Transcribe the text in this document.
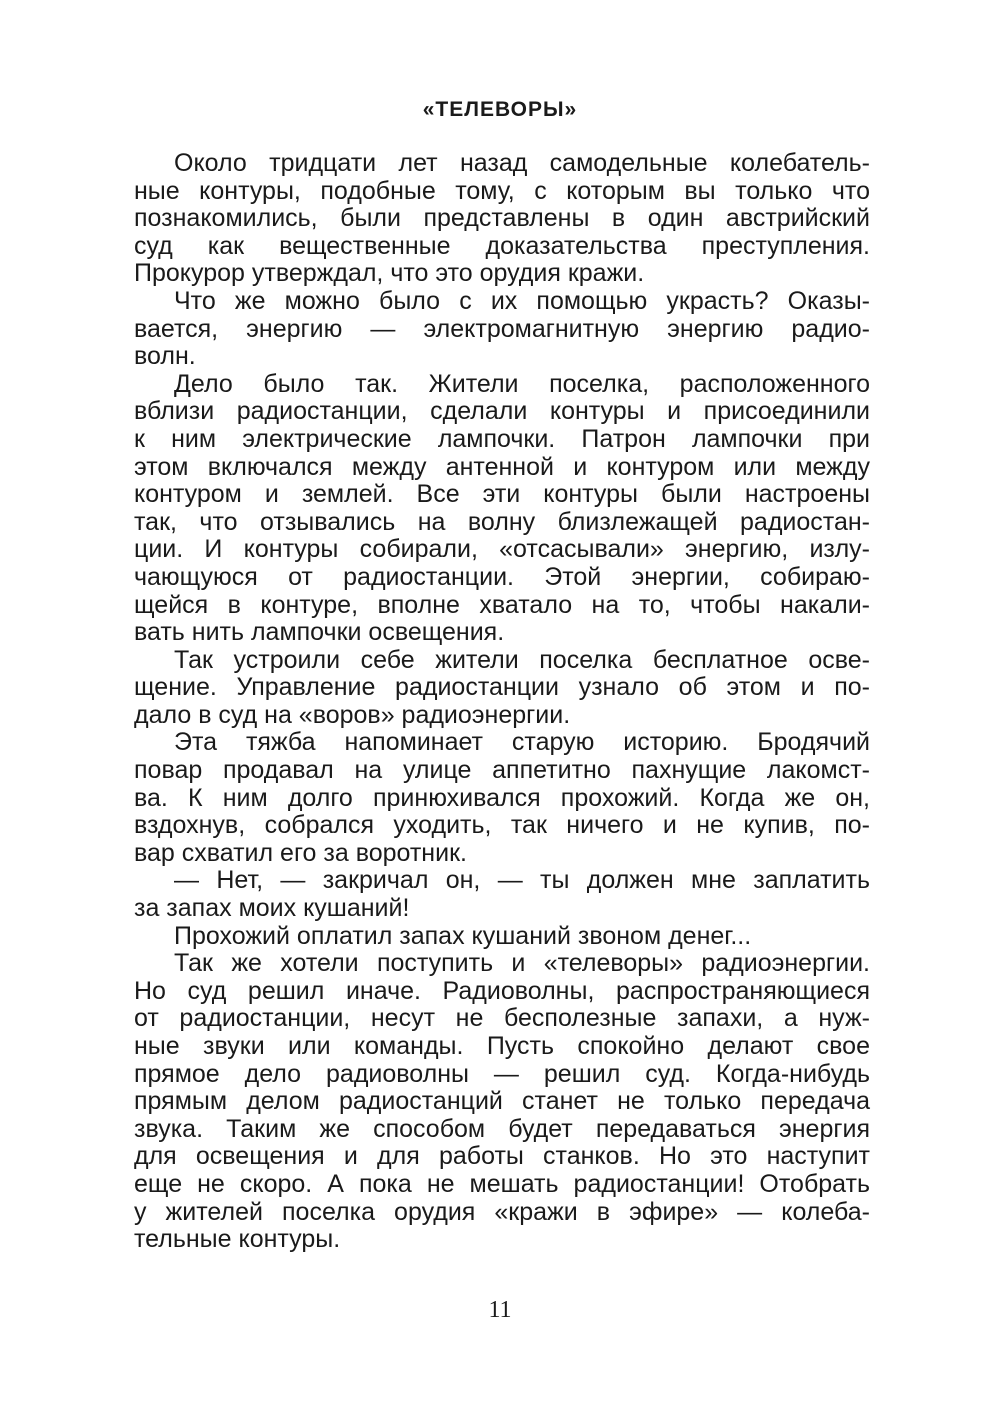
«ТЕЛЕВОРЫ»
Около тридцати лет назад самодельные колебатель-
ные контуры, подобные тому, с которым вы только что
познакомились, были представлены в один австрийский
суд как вещественные доказательства преступления.
Прокурор утверждал, что это орудия кражи.
Что же можно было с их помощью украсть? Оказы-
вается, энергию — электромагнитную энергию радио-
волн.
Дело было так. Жители поселка, расположенного
вблизи радиостанции, сделали контуры и присоединили
к ним электрические лампочки. Патрон лампочки при
этом включался между антенной и контуром или между
контуром и землей. Все эти контуры были настроены
так, что отзывались на волну близлежащей радиостан-
ции. И контуры собирали, «отсасывали» энергию, излу-
чающуюся от радиостанции. Этой энергии, собираю-
щейся в контуре, вполне хватало на то, чтобы накали-
вать нить лампочки освещения.
Так устроили себе жители поселка бесплатное осве-
щение. Управление радиостанции узнало об этом и по-
дало в суд на «воров» радиоэнергии.
Эта тяжба напоминает старую историю. Бродячий
повар продавал на улице аппетитно пахнущие лакомст-
ва. К ним долго принюхивался прохожий. Когда же он,
вздохнув, собрался уходить, так ничего и не купив, по-
вар схватил его за воротник.
— Нет, — закричал он, — ты должен мне заплатить
за запах моих кушаний!
Прохожий оплатил запах кушаний звоном денег...
Так же хотели поступить и «телеворы» радиоэнергии.
Но суд решил иначе. Радиоволны, распространяющиеся
от радиостанции, несут не бесполезные запахи, а нуж-
ные звуки или команды. Пусть спокойно делают свое
прямое дело радиоволны — решил суд. Когда-нибудь
прямым делом радиостанций станет не только передача
звука. Таким же способом будет передаваться энергия
для освещения и для работы станков. Но это наступит
еще не скоро. А пока не мешать радиостанции! Отобрать
у жителей поселка орудия «кражи в эфире» — колеба-
тельные контуры.

11
